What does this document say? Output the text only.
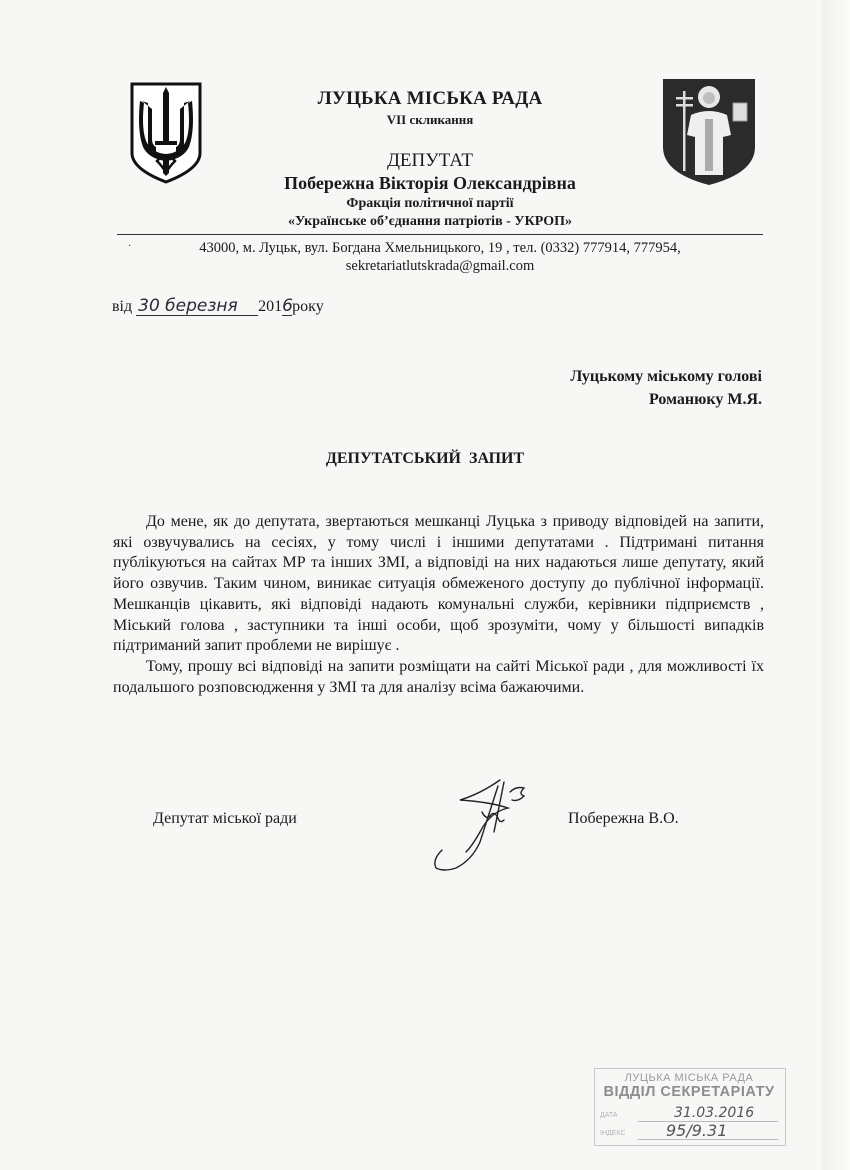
ЛУЦЬКА МІСЬКА РАДА
VII скликання
ДЕПУТАТ
Побережна Вікторія Олександрівна
Фракція політичної партії
«Українське об’єднання патріотів - УКРОП»
·	43000, м. Луцьк, вул. Богдана Хмельницького, 19 , тел. (0332) 777914, 777954,
sekretariatlutskrada@gmail.com
від 30 березня 2016року
Луцькому міському голові
Романюку М.Я.
ДЕПУТАТСЬКИЙ ЗАПИТ

До мене, як до депутата, звертаються мешканці Луцька з приводу відповідей на запити, які озвучувались на сесіях, у тому числі і іншими депутатами . Підтримані питання публікуються на сайтах МР та інших ЗМІ, а відповіді на них надаються лише депутату, який його озвучив. Таким чином, виникає ситуація обмеженого доступу до публічної інформації. Мешканців цікавить, які відповіді надають комунальні служби, керівники підприємств , Міський голова , заступники та інші особи, щоб зрозуміти, чому у більшості випадків підтриманий запит проблеми не вирішує .

Тому, прошу всі відповіді на запити розміщати на сайті Міської ради , для можливості їх подальшого розповсюдження у ЗМІ та для аналізу всіма бажаючими.

Депутат міської ради	Побережна В.О.
ЛУЦЬКА МІСЬКА РАДА
ВІДДІЛ СЕКРЕТАРІАТУ
ДАТА	31.03.2016
ІНДЕКС	95/9.31
